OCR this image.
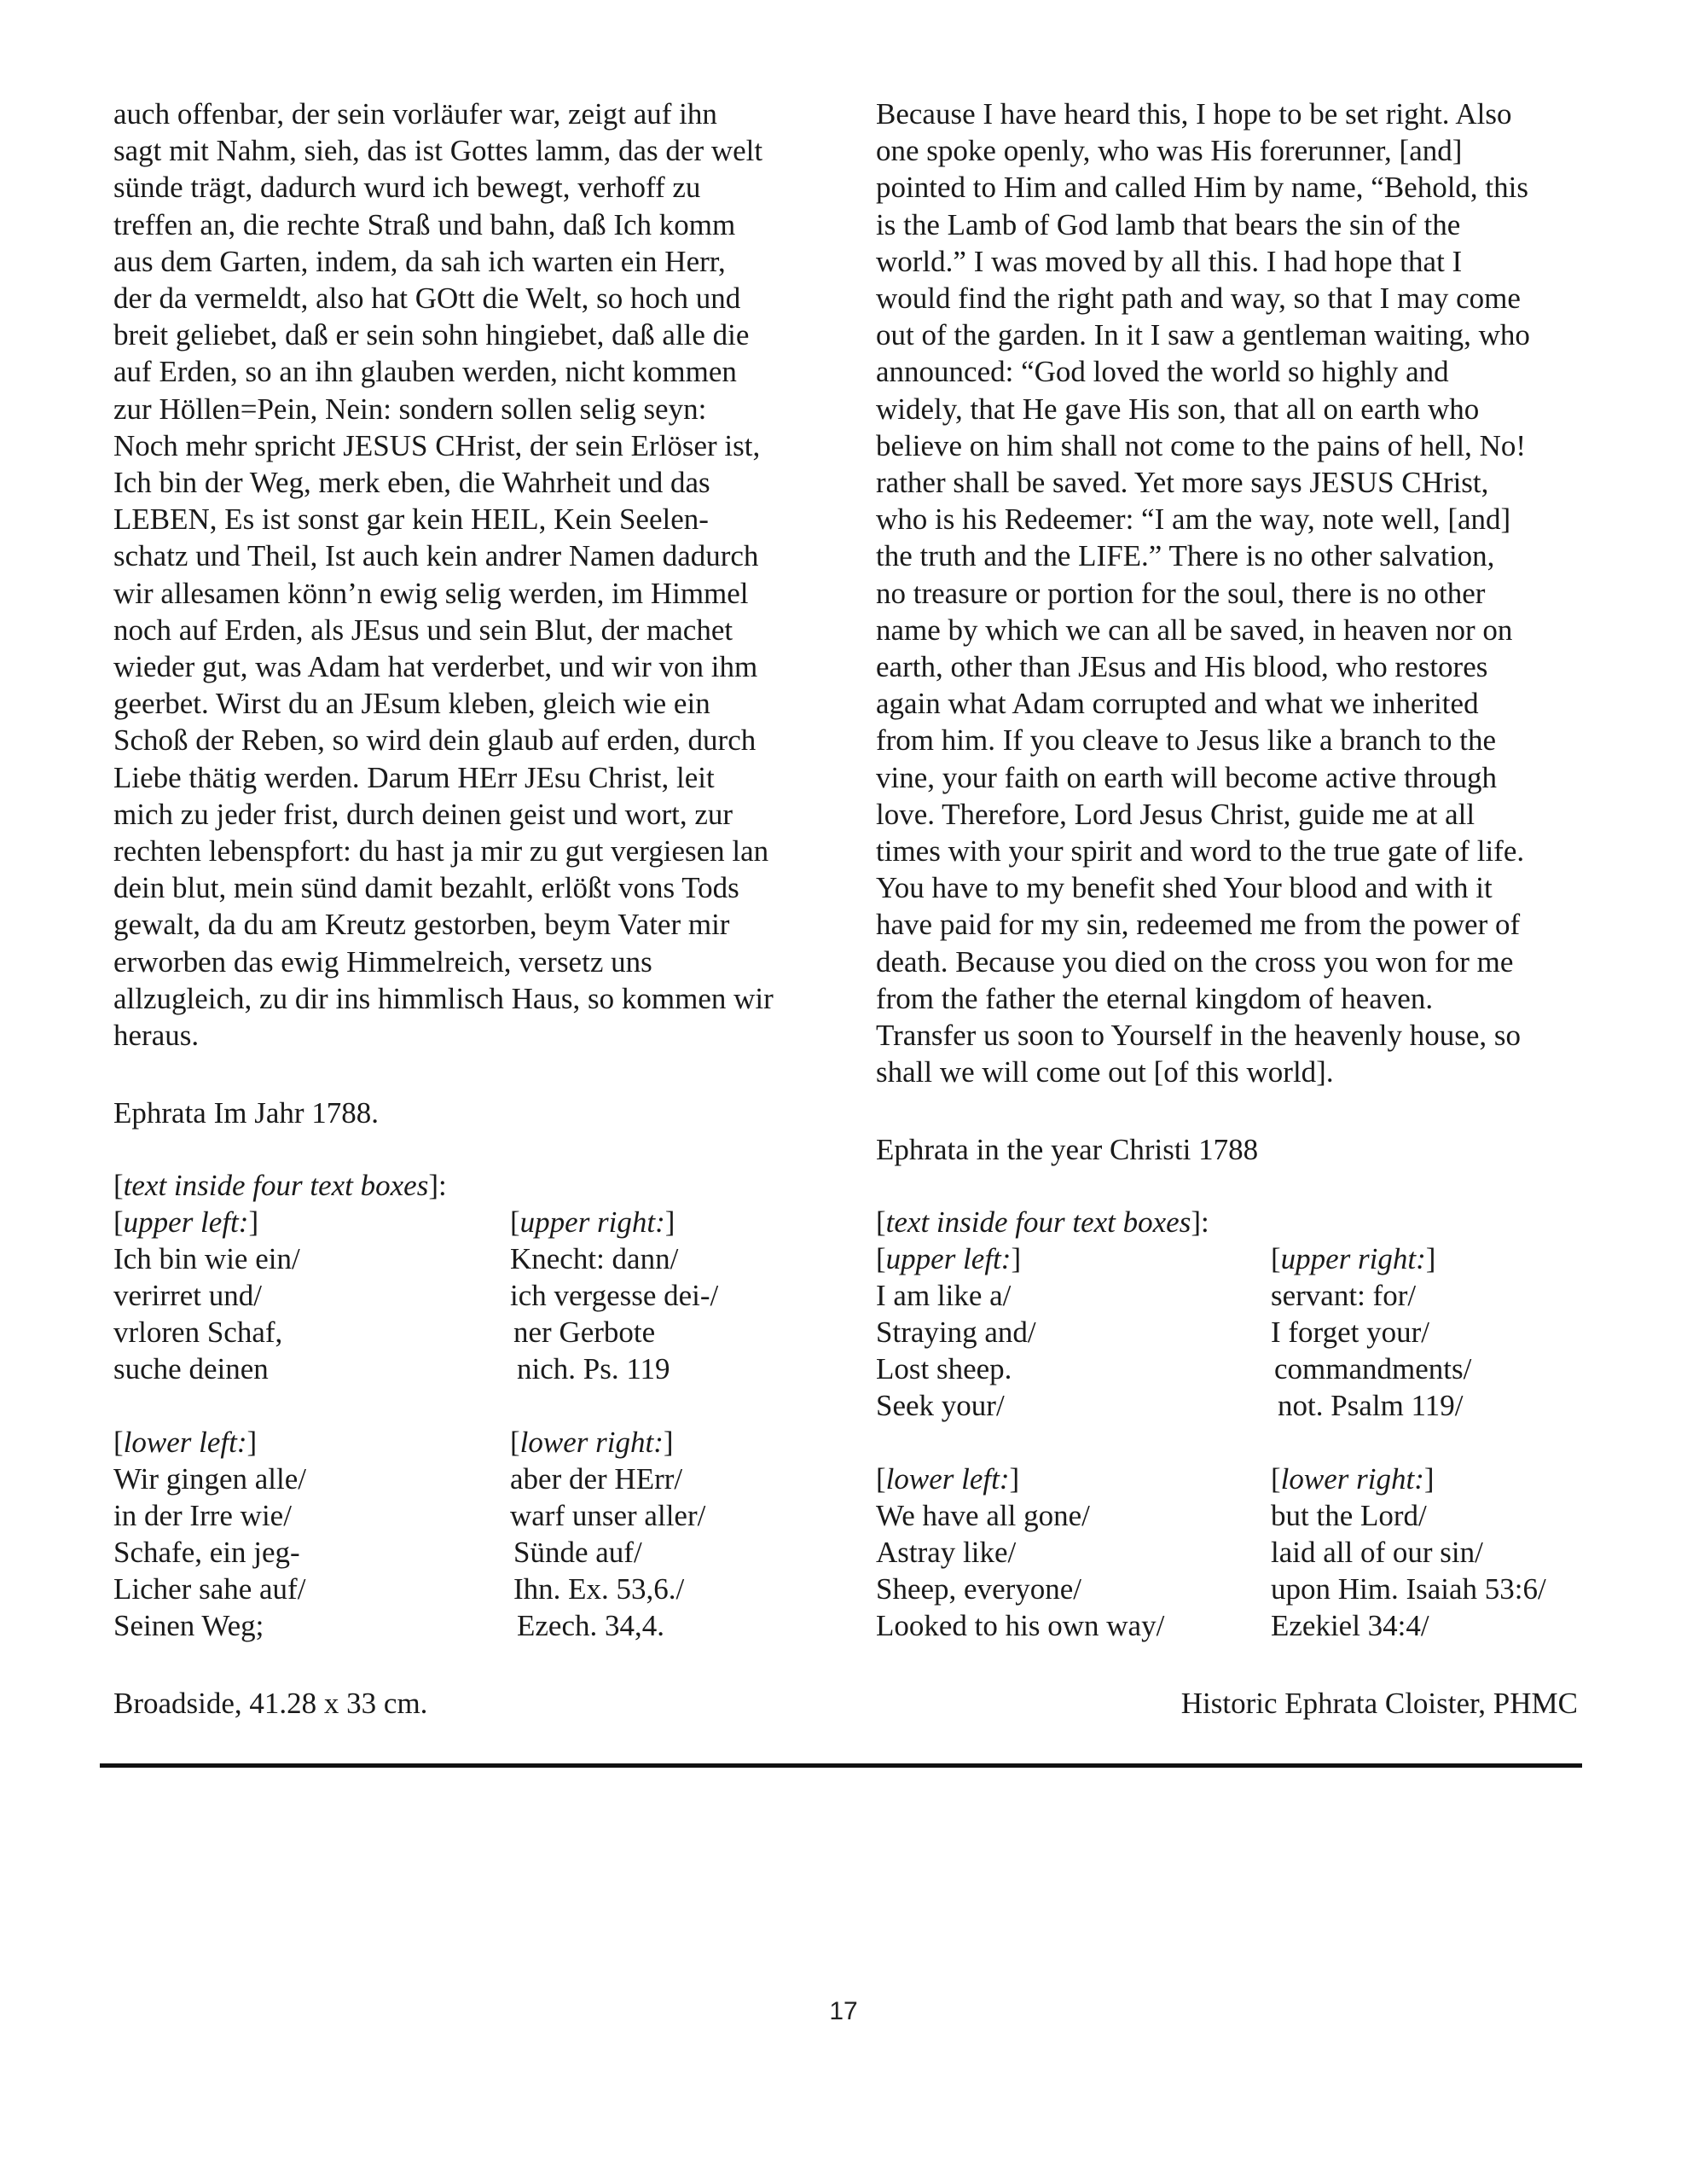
auch offenbar, der sein vorläufer war, zeigt auf ihn
sagt mit Nahm, sieh, das ist Gottes lamm, das der welt
sünde trägt, dadurch wurd ich bewegt, verhoff zu
treffen an, die rechte Straß und bahn, daß Ich komm
aus dem Garten, indem, da sah ich warten ein Herr,
der da vermeldt, also hat GOtt die Welt, so hoch und
breit geliebet, daß er sein sohn hingiebet, daß alle die
auf Erden, so an ihn glauben werden, nicht kommen
zur Höllen=Pein, Nein: sondern sollen selig seyn:
Noch mehr spricht JESUS CHrist, der sein Erlöser ist,
Ich bin der Weg, merk eben, die Wahrheit und das
LEBEN, Es ist sonst gar kein HEIL, Kein Seelen-
schatz und Theil, Ist auch kein andrer Namen dadurch
wir allesamen könn’n ewig selig werden, im Himmel
noch auf Erden, als JEsus und sein Blut, der machet
wieder gut, was Adam hat verderbet, und wir von ihm
geerbet. Wirst du an JEsum kleben, gleich wie ein
Schoß der Reben, so wird dein glaub auf erden, durch
Liebe thätig werden. Darum HErr JEsu Christ, leit
mich zu jeder frist, durch deinen geist und wort, zur
rechten lebenspfort: du hast ja mir zu gut vergiesen lan
dein blut, mein sünd damit bezahlt, erlößt vons Tods
gewalt, da du am Kreutz gestorben, beym Vater mir
erworben das ewig Himmelreich, versetz uns
allzugleich, zu dir ins himmlisch Haus, so kommen wir
heraus.

Ephrata Im Jahr 1788.

[text inside four text boxes]:
[upper left:]
Ich bin wie ein/
verirret und/
vrloren Schaf,
suche deinen
[upper right:]
Knecht: dann/
ich vergesse dei-/
ner Gerbote
nich. Ps. 119
[lower left:]
Wir gingen alle/
in der Irre wie/
Schafe, ein jeg-
Licher sahe auf/
Seinen Weg;
[lower right:]
aber der HErr/
warf unser aller/
Sünde auf/
Ihn. Ex. 53,6./
Ezech. 34,4.

Because I have heard this, I hope to be set right. Also
one spoke openly, who was His forerunner, [and]
pointed to Him and called Him by name, “Behold, this
is the Lamb of God lamb that bears the sin of the
world.” I was moved by all this. I had hope that I
would find the right path and way, so that I may come
out of the garden. In it I saw a gentleman waiting, who
announced: “God loved the world so highly and
widely, that He gave His son, that all on earth who
believe on him shall not come to the pains of hell, No!
rather shall be saved. Yet more says JESUS CHrist,
who is his Redeemer: “I am the way, note well, [and]
the truth and the LIFE.” There is no other salvation,
no treasure or portion for the soul, there is no other
name by which we can all be saved, in heaven nor on
earth, other than JEsus and His blood, who restores
again what Adam corrupted and what we inherited
from him. If you cleave to Jesus like a branch to the
vine, your faith on earth will become active through
love. Therefore, Lord Jesus Christ, guide me at all
times with your spirit and word to the true gate of life.
You have to my benefit shed Your blood and with it
have paid for my sin, redeemed me from the power of
death. Because you died on the cross you won for me
from the father the eternal kingdom of heaven.
Transfer us soon to Yourself in the heavenly house, so
shall we will come out [of this world].

Ephrata in the year Christi 1788

[text inside four text boxes]:
[upper left:]
I am like a/
Straying and/
Lost sheep.
Seek your/
[upper right:]
servant: for/
I forget your/
commandments/
not. Psalm 119/
[lower left:]
We have all gone/
Astray like/
Sheep, everyone/
Looked to his own way/
[lower right:]
but the Lord/
laid all of our sin/
upon Him. Isaiah 53:6/
Ezekiel 34:4/
Broadside, 41.28 x 33 cm.	Historic Ephrata Cloister, PHMC
17
